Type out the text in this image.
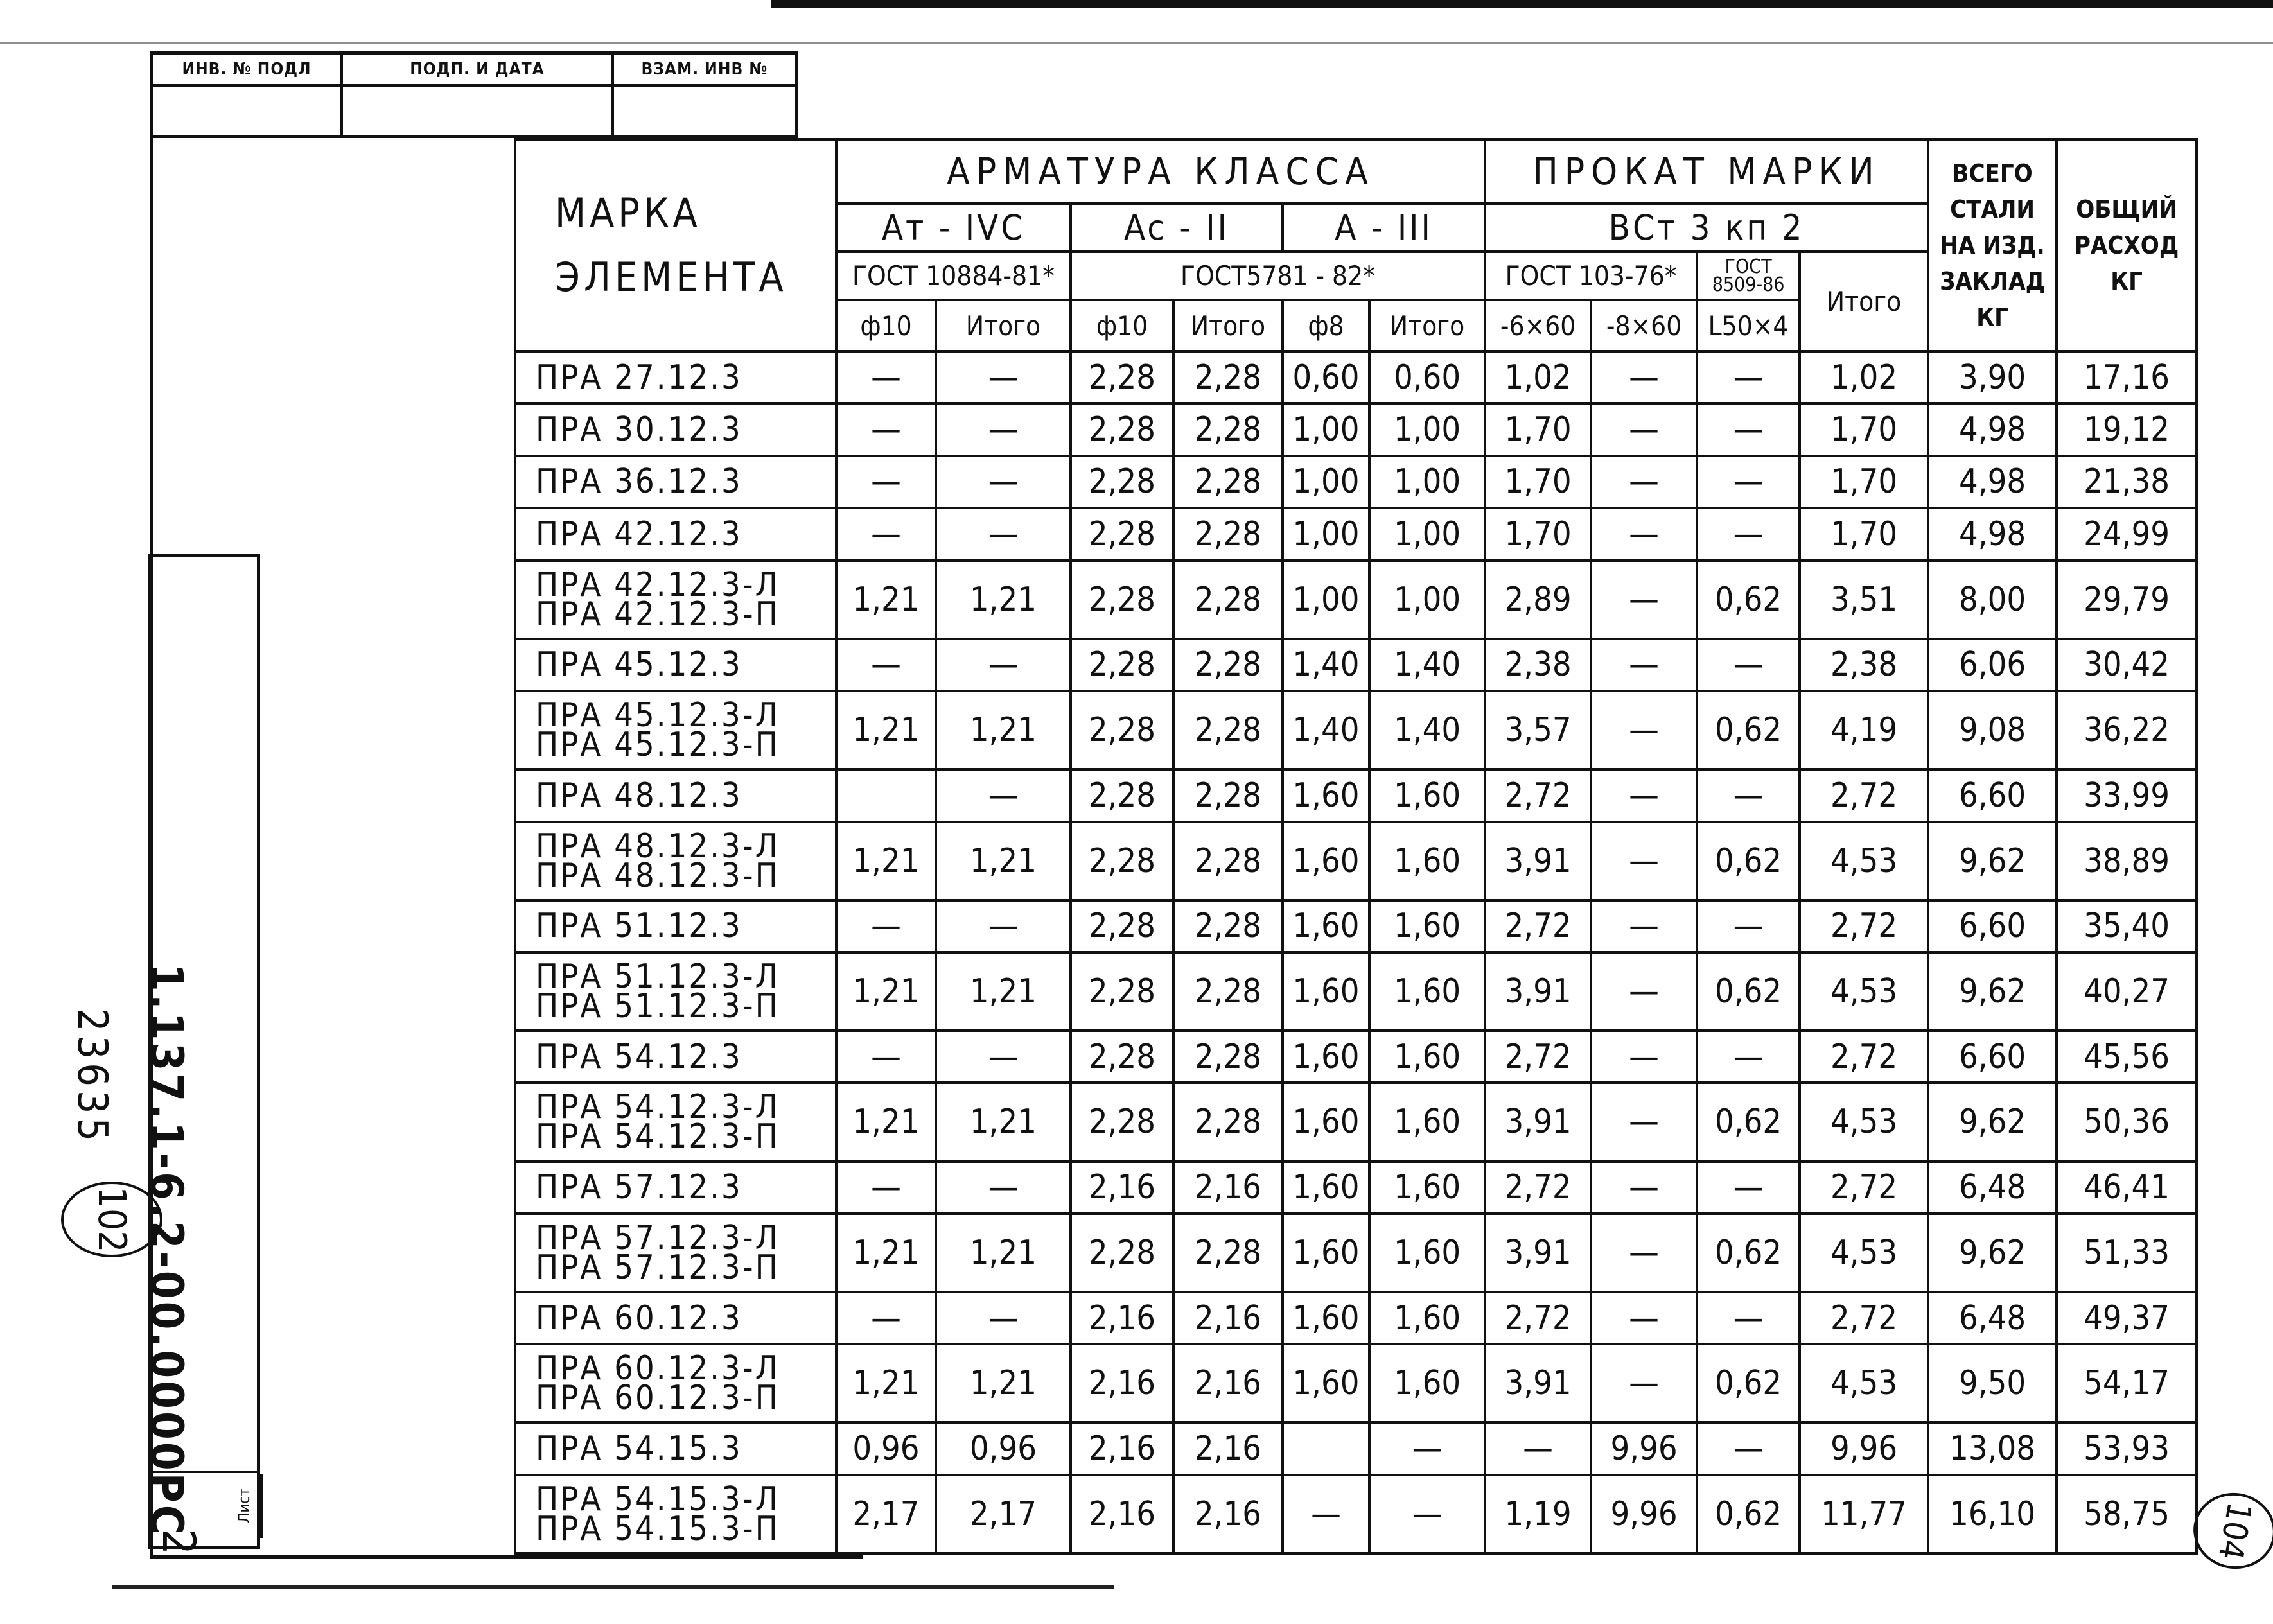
ИНВ. № ПОДЛ	ПОДП. И ДАТА	ВЗАМ. ИНВ №
1.137.1-6.2-00.0000РС	Лист
2
23635
102
104
МАРКА
ЭЛЕМЕНТА	АРМАТУРА КЛАССА						ПРОКАТ МАРКИ				ВСЕГО СТАЛИ НА ИЗД. ЗАКЛАД КГ	ОБЩИЙ РАСХОД КГ
	Aт - IVC		Ac - II		A - III		ВСт 3 кп 2					
	ГОСТ 10884-81*		ГОСТ5781 - 82*				ГОСТ 103-76*		ГОСТ 8509-86	Итого		
	ф10	Итого	ф10	Итого	ф8	Итого	-6×60	-8×60	L50×4			
ПРА 27.12.3	—	—	2,28	2,28	0,60	0,60	1,02	—	—	1,02	3,90	17,16
ПРА 30.12.3	—	—	2,28	2,28	1,00	1,00	1,70	—	—	1,70	4,98	19,12
ПРА 36.12.3	—	—	2,28	2,28	1,00	1,00	1,70	—	—	1,70	4,98	21,38
ПРА 42.12.3	—	—	2,28	2,28	1,00	1,00	1,70	—	—	1,70	4,98	24,99
ПРА 42.12.3-Л
ПРА 42.12.3-П	1,21	1,21	2,28	2,28	1,00	1,00	2,89	—	0,62	3,51	8,00	29,79
ПРА 45.12.3	—	—	2,28	2,28	1,40	1,40	2,38	—	—	2,38	6,06	30,42
ПРА 45.12.3-Л
ПРА 45.12.3-П	1,21	1,21	2,28	2,28	1,40	1,40	3,57	—	0,62	4,19	9,08	36,22
ПРА 48.12.3		—	2,28	2,28	1,60	1,60	2,72	—	—	2,72	6,60	33,99
ПРА 48.12.3-Л
ПРА 48.12.3-П	1,21	1,21	2,28	2,28	1,60	1,60	3,91	—	0,62	4,53	9,62	38,89
ПРА 51.12.3	—	—	2,28	2,28	1,60	1,60	2,72	—	—	2,72	6,60	35,40
ПРА 51.12.3-Л
ПРА 51.12.3-П	1,21	1,21	2,28	2,28	1,60	1,60	3,91	—	0,62	4,53	9,62	40,27
ПРА 54.12.3	—	—	2,28	2,28	1,60	1,60	2,72	—	—	2,72	6,60	45,56
ПРА 54.12.3-Л
ПРА 54.12.3-П	1,21	1,21	2,28	2,28	1,60	1,60	3,91	—	0,62	4,53	9,62	50,36
ПРА 57.12.3	—	—	2,16	2,16	1,60	1,60	2,72	—	—	2,72	6,48	46,41
ПРА 57.12.3-Л
ПРА 57.12.3-П	1,21	1,21	2,28	2,28	1,60	1,60	3,91	—	0,62	4,53	9,62	51,33
ПРА 60.12.3	—	—	2,16	2,16	1,60	1,60	2,72	—	—	2,72	6,48	49,37
ПРА 60.12.3-Л
ПРА 60.12.3-П	1,21	1,21	2,16	2,16	1,60	1,60	3,91	—	0,62	4,53	9,50	54,17
ПРА 54.15.3	0,96	0,96	2,16	2,16		—	—	9,96	—	9,96	13,08	53,93
ПРА 54.15.3-Л
ПРА 54.15.3-П	2,17	2,17	2,16	2,16	—	—	1,19	9,96	0,62	11,77	16,10	58,75
